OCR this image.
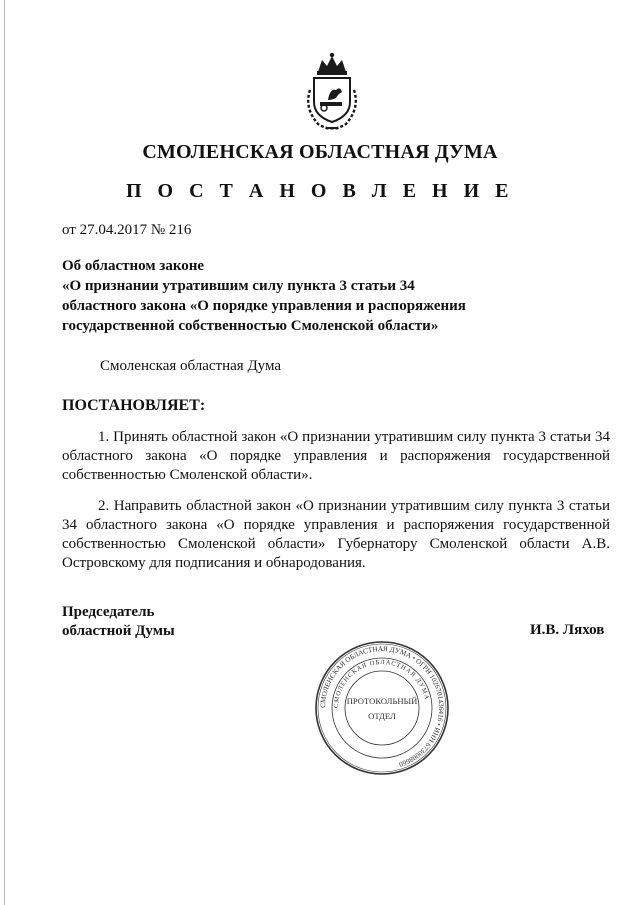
СМОЛЕНСКАЯ ОБЛАСТНАЯ ДУМА
П О С Т А Н О В Л Е Н И Е
от 27.04.2017 № 216
Об областном законе
«О признании утратившим силу пункта 3 статьи 34
областного закона «О порядке управления и распоряжения
государственной собственностью Смоленской области»
Смоленская областная Дума
ПОСТАНОВЛЯЕТ:
1. Принять областной закон «О признании утратившим силу пункта 3 статьи 34 областного закона «О порядке управления и распоряжения государственной собственностью Смоленской области».
2. Направить областной закон «О признании утратившим силу пункта 3 статьи 34 областного закона «О порядке управления и распоряжения государственной собственностью Смоленской области» Губернатору Смоленской области А.В. Островскому для подписания и обнародования.
Председатель
областной Думы	И.В. Ляхов
СМОЛЕНСКАЯ ОБЛАСТНАЯ ДУМА • ОГРН 1026701436416 • ИНН 6730008660
СМОЛЕНСКАЯ ОБЛАСТНАЯ ДУМА
ПРОТОКОЛЬНЫЙ
ОТДЕЛ
